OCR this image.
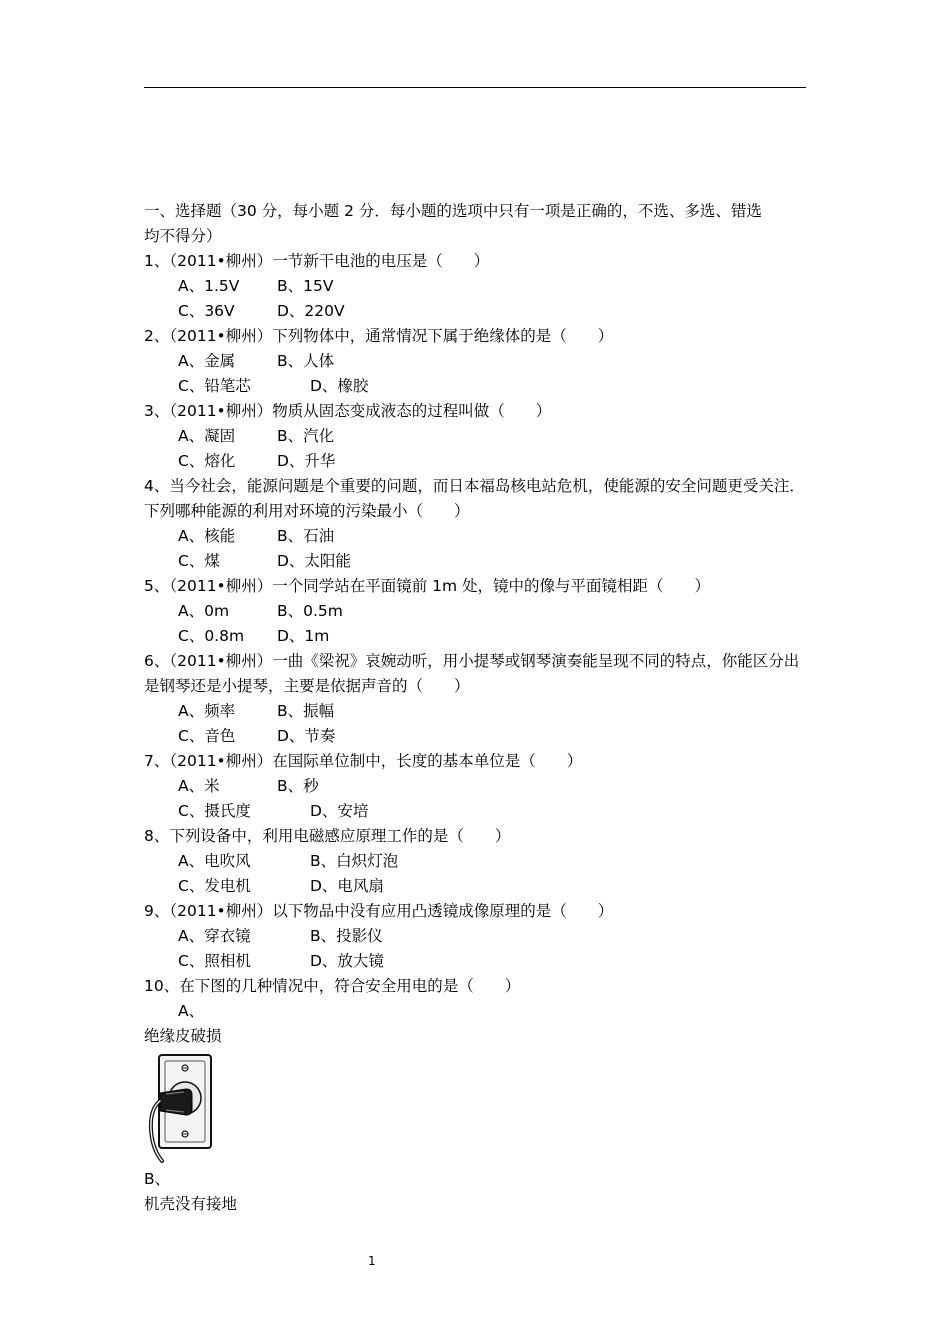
一、选择题（30 分，每小题 2 分．每小题的选项中只有一项是正确的，不选、多选、错选
均不得分）
1、（2011•柳州）一节新干电池的电压是（　　）
A、1.5V B、15V
C、36V	D、220V
2、（2011•柳州）下列物体中，通常情况下属于绝缘体的是（　　）
A、金属	B、人体
C、铅笔芯	D、橡胶
3、（2011•柳州）物质从固态变成液态的过程叫做（　　）
A、凝固	B、汽化
C、熔化	D、升华
4、当今社会，能源问题是个重要的问题，而日本福岛核电站危机，使能源的安全问题更受关注．下列哪种能源的利用对环境的污染最小（　　）
A、核能	B、石油
C、煤	D、太阳能
5、（2011•柳州）一个同学站在平面镜前 1m 处，镜中的像与平面镜相距（　　）
A、0m	B、0.5m
C、0.8m D、1m
6、（2011•柳州）一曲《梁祝》哀婉动听，用小提琴或钢琴演奏能呈现不同的特点，你能区分出是钢琴还是小提琴，主要是依据声音的（　　）
A、频率	B、振幅
C、音色	D、节奏
7、（2011•柳州）在国际单位制中，长度的基本单位是（　　）
A、米	B、秒
C、摄氏度	D、安培
8、下列设备中，利用电磁感应原理工作的是（　　）
A、电吹风	B、白炽灯泡
C、发电机	D、电风扇
9、（2011•柳州）以下物品中没有应用凸透镜成像原理的是（　　）
A、穿衣镜	B、投影仪
C、照相机	D、放大镜
10、在下图的几种情况中，符合安全用电的是（　　）
A、
绝缘皮破损
B、
机壳没有接地
1
